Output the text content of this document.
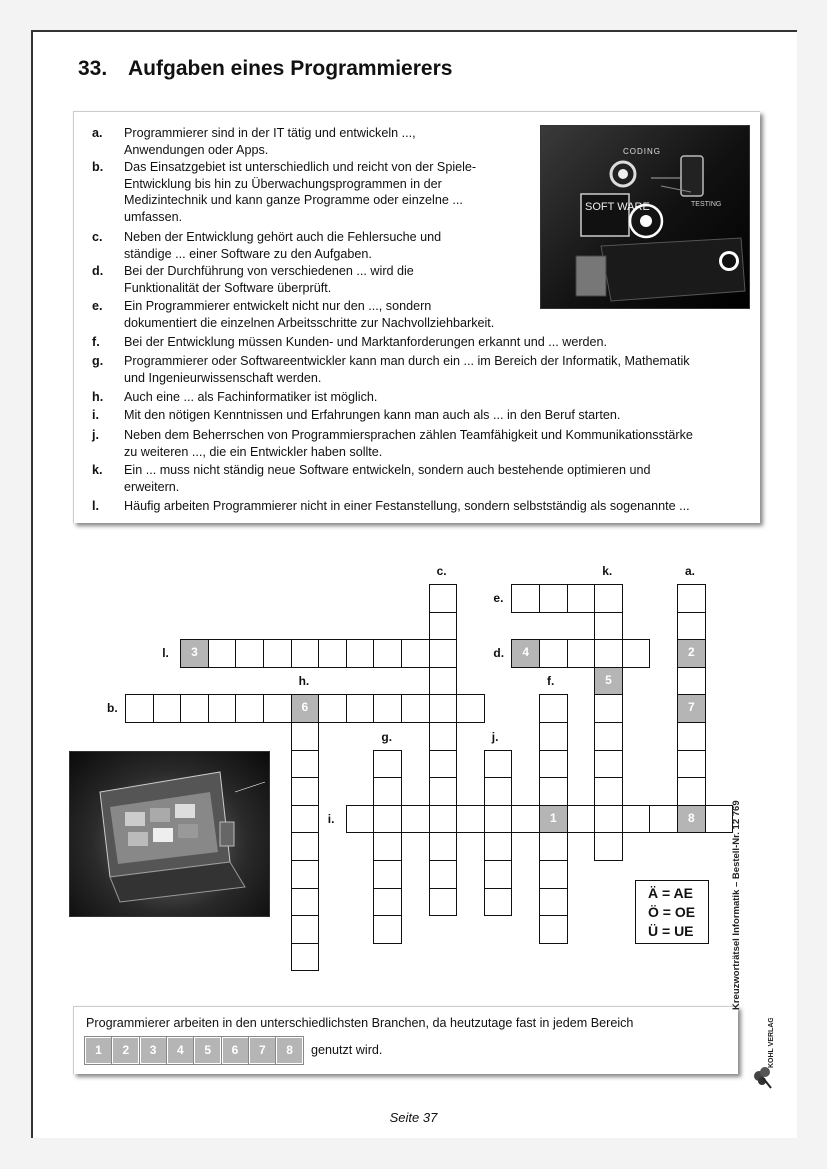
33. Aufgaben eines Programmierers
a.	Programmierer sind in der IT tätig und entwickeln ...,
Anwendungen oder Apps.
b.	Das Einsatzgebiet ist unterschiedlich und reicht von der Spiele-
Entwicklung bis hin zu Überwachungsprogrammen in der
Medizintechnik und kann ganze Programme oder einzelne ...
umfassen.
c.	Neben der Entwicklung gehört auch die Fehlersuche und
ständige ... einer Software zu den Aufgaben.
d.	Bei der Durchführung von verschiedenen ... wird die
Funktionalität der Software überprüft.
e.	Ein Programmierer entwickelt nicht nur den ..., sondern
dokumentiert die einzelnen Arbeitsschritte zur Nachvollziehbarkeit.
f.	Bei der Entwicklung müssen Kunden- und Marktanforderungen erkannt und ... werden.
g.	Programmierer oder Softwareentwickler kann man durch ein ... im Bereich der Informatik, Mathematik
und Ingenieurwissenschaft werden.
h.	Auch eine ... als Fachinformatiker ist möglich.
i.	Mit den nötigen Kenntnissen und Erfahrungen kann man auch als ... in den Beruf starten.
j.	Neben dem Beherrschen von Programmiersprachen zählen Teamfähigkeit und Kommunikationsstärke
zu weiteren ..., die ein Entwickler haben sollte.
k.	Ein ... muss nicht ständig neue Software entwickeln, sondern auch bestehende optimieren und
erweitern.
l.	Häufig arbeiten Programmierer nicht in einer Festanstellung, sondern selbstständig als sogenannte ...
SOFT WARE
CODING
TESTING
3	4
6
1	8
5
2
7
c.	k.	a.
e.
l.	d.
h.	f.
b.
g.	j.
i.
Ä = AE
Ö = OE
Ü = UE
Programmierer arbeiten in den unterschiedlichsten Branchen, da heutzutage fast in jedem Bereich
1	2	3	4	5	6	7	8	genutzt wird.
Seite 37
Kreuzworträtsel Informatik – Bestell-Nr. 12 769
KOHL VERLAG
